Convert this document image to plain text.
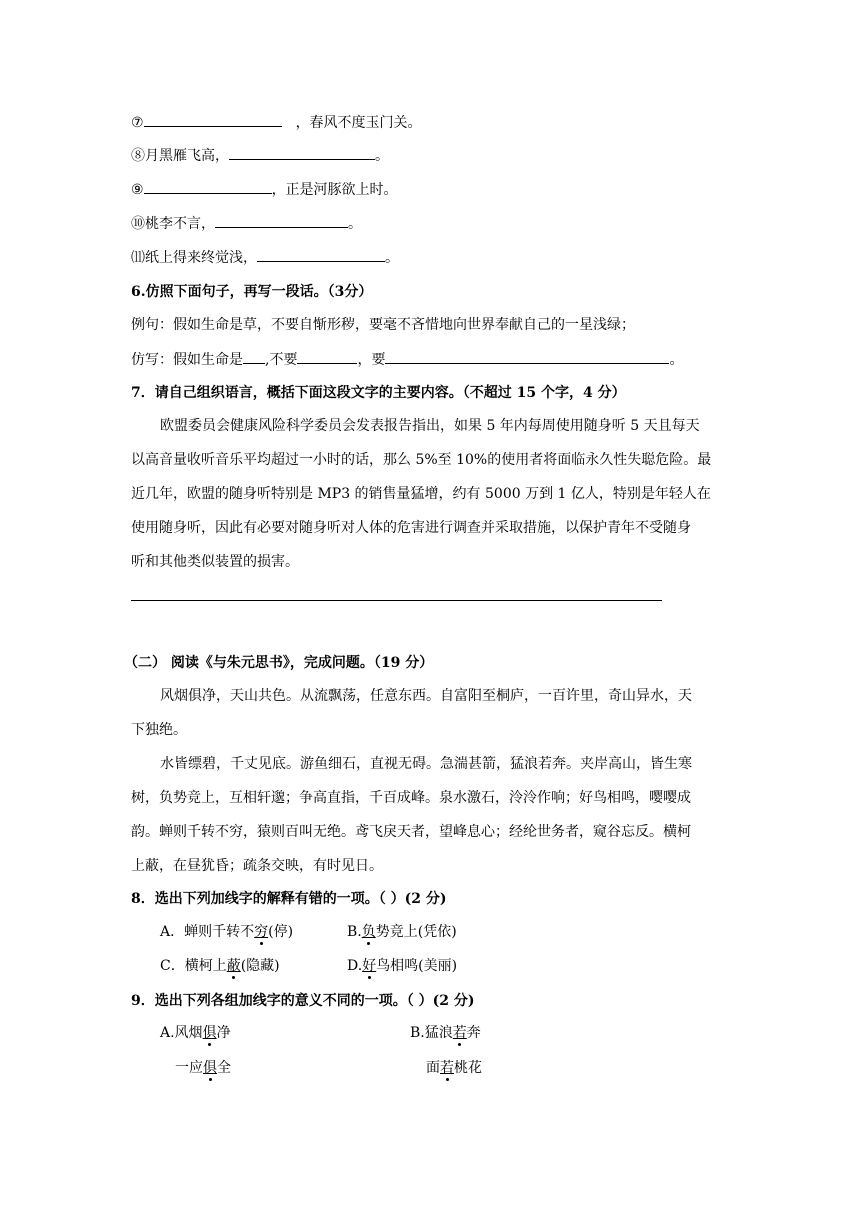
⑦	，春风不度玉门关。
⑧月黑雁飞高，	。
⑨	，正是河豚欲上时。
⑩桃李不言，	。
⑾纸上得来终觉浅，	。
6.仿照下面句子，再写一段话。（3分）
例句：假如生命是草，不要自惭形秽，要毫不吝惜地向世界奉献自己的一星浅绿；
仿写：假如生命是 ,不要	，要	。
7．请自己组织语言，概括下面这段文字的主要内容。（不超过 15 个字，4 分）
欧盟委员会健康风险科学委员会发表报告指出，如果 5 年内每周使用随身听 5 天且每天
以高音量收听音乐平均超过一小时的话，那么 5%至 10%的使用者将面临永久性失聪危险。最
近几年，欧盟的随身听特别是 MP3 的销售量猛增，约有 5000 万到 1 亿人，特别是年轻人在
使用随身听，因此有必要对随身听对人体的危害进行调查并采取措施，以保护青年不受随身
听和其他类似装置的损害。
（二） 阅读《与朱元思书》，完成问题。（19 分）
风烟俱净，天山共色。从流飘荡，任意东西。自富阳至桐庐，一百许里，奇山异水，天
下独绝。
水皆缥碧，千丈见底。游鱼细石，直视无碍。急湍甚箭，猛浪若奔。夹岸高山，皆生寒
树，负势竞上，互相轩邈；争高直指，千百成峰。泉水激石，泠泠作响；好鸟相鸣，嘤嘤成
韵。蝉则千转不穷，猿则百叫无绝。鸢飞戾天者，望峰息心；经纶世务者，窥谷忘反。横柯
上蔽，在昼犹昏；疏条交映，有时见日。
8．选出下列加线字的解释有错的一项。（ ）(2 分)
A．蝉则千转不穷(停)	B.负势竞上(凭依)
C．横柯上蔽(隐藏)	D.好鸟相鸣(美丽)
9．选出下列各组加线字的意义不同的一项。（ ）(2 分)
A.风烟俱净	B.猛浪若奔
一应俱全	面若桃花
